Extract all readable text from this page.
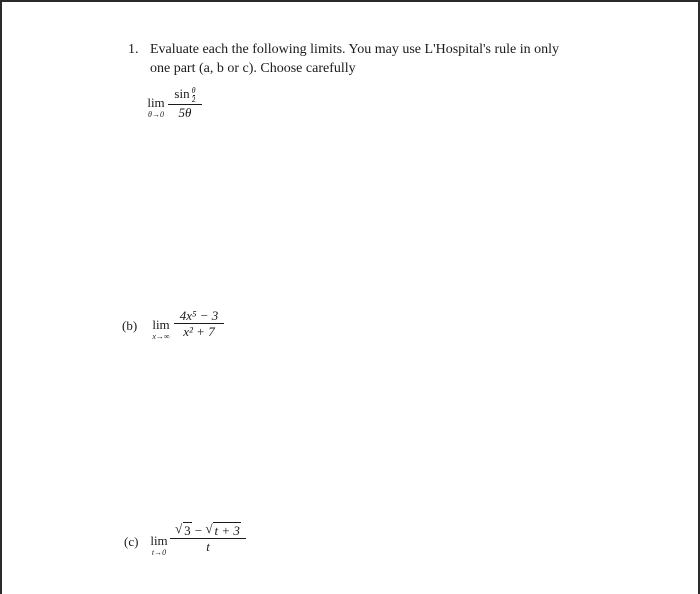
1. Evaluate each the following limits. You may use L'Hospital's rule in only
one part (a, b or c). Choose carefully
lim
θ→0
$\sin \frac{\theta}{2}$
5θ
(b)	lim
x→∞
4x⁵ − 3
x² + 7
(c) lim
t→0
√ 3 − √ t + 3
t
